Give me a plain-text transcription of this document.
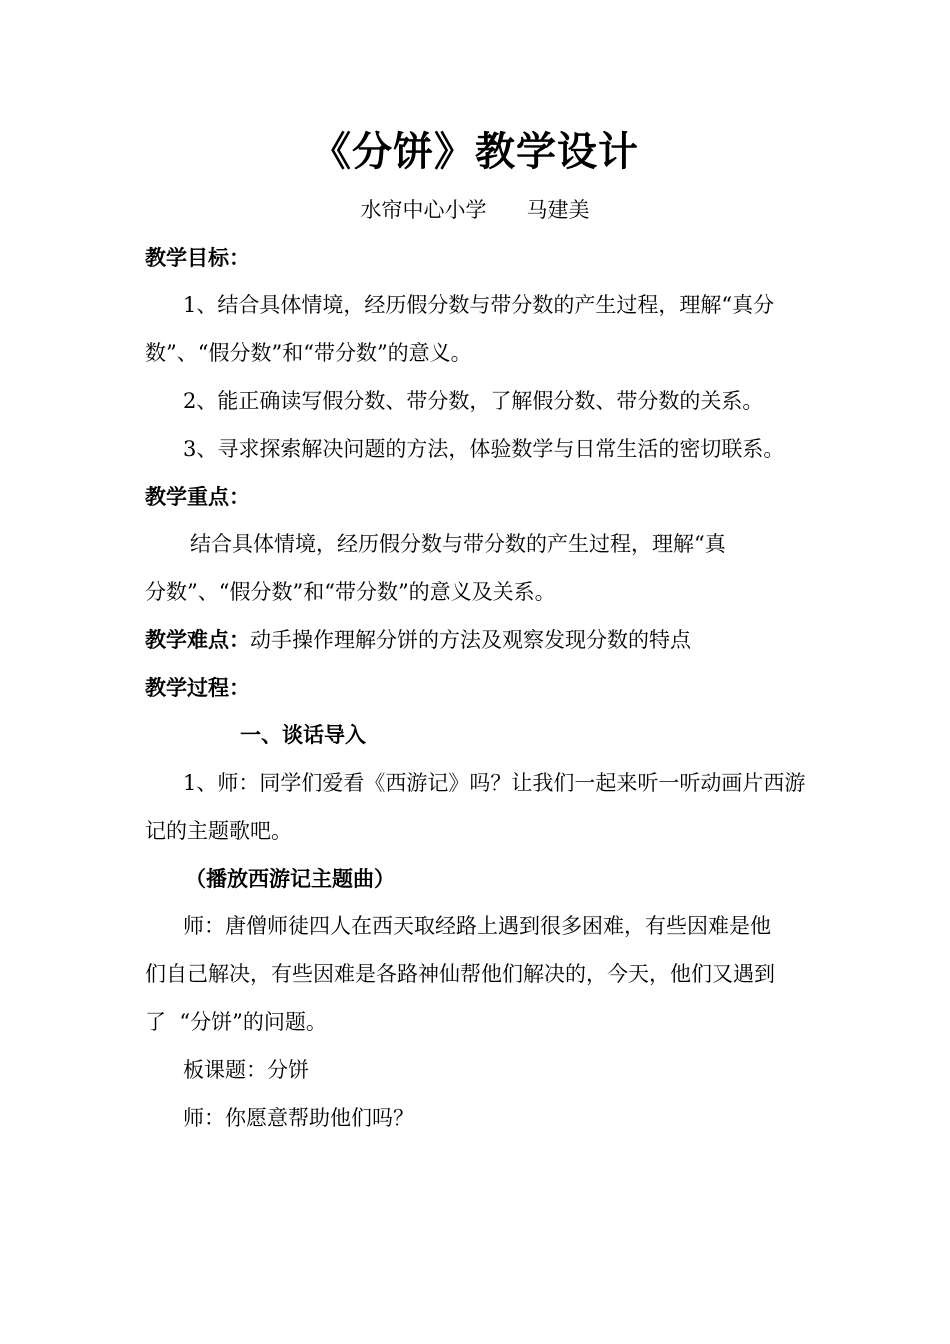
《分饼》教学设计
水帘中心小学      马建美
教学目标：
1、结合具体情境，经历假分数与带分数的产生过程，理解“真分
数”、“假分数”和“带分数”的意义。
2、能正确读写假分数、带分数，了解假分数、带分数的关系。
3、寻求探索解决问题的方法，体验数学与日常生活的密切联系。
教学重点：
结合具体情境，经历假分数与带分数的产生过程，理解“真
分数”、“假分数”和“带分数”的意义及关系。
教学难点：动手操作理解分饼的方法及观察发现分数的特点
教学过程：
一、谈话导入
1、师：同学们爱看《西游记》吗？让我们一起来听一听动画片西游
记的主题歌吧。
（播放西游记主题曲）
师：唐僧师徒四人在西天取经路上遇到很多困难，有些因难是他
们自己解决，有些因难是各路神仙帮他们解决的，今天，他们又遇到
了  “分饼”的问题。
板课题：分饼
师：你愿意帮助他们吗？
